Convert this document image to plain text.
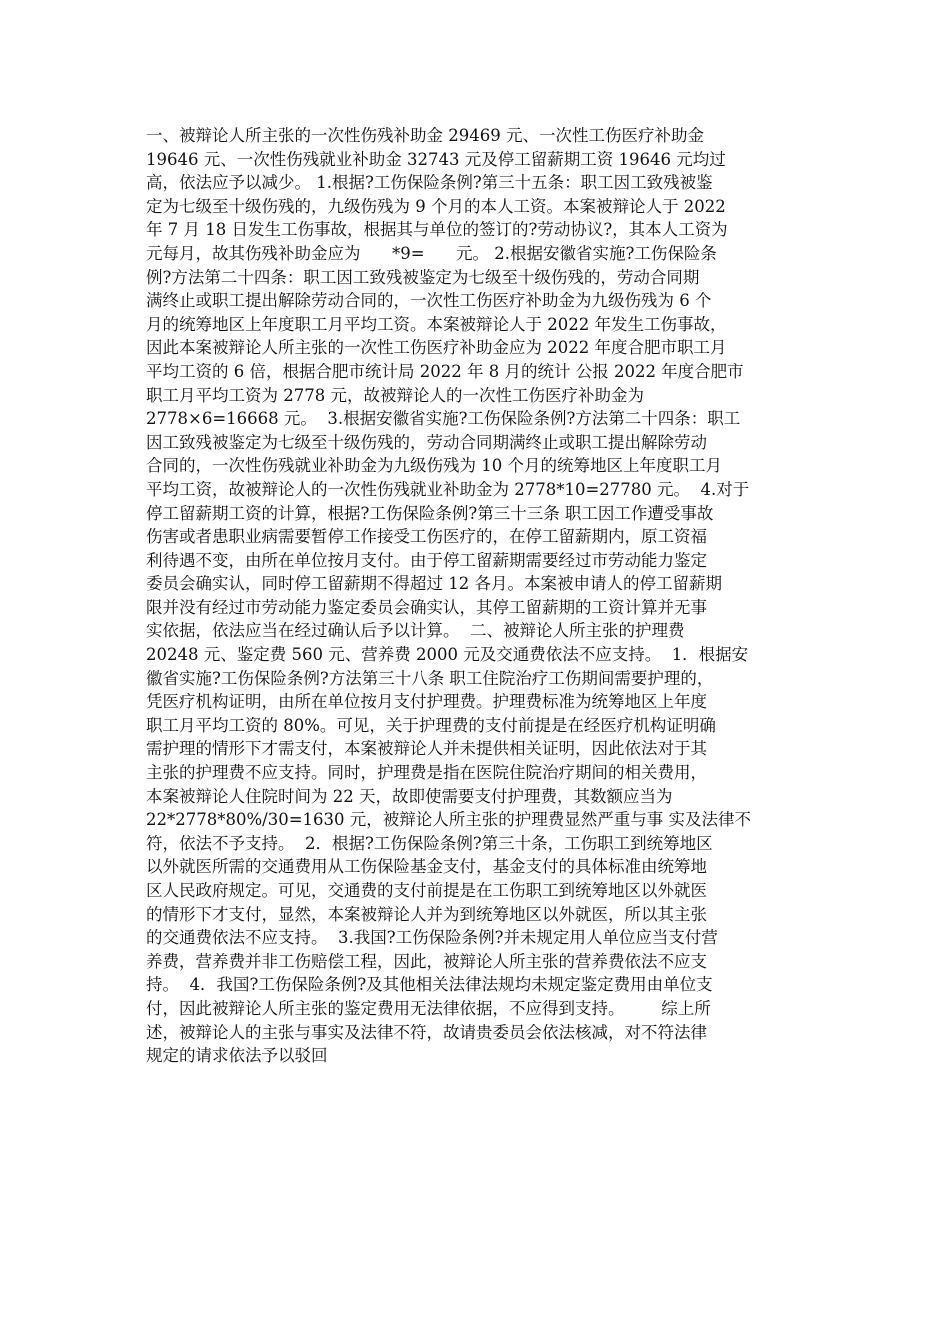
一、被辩论人所主张的一次性伤残补助金 29469 元、一次性工伤医疗补助金
19646 元、一次性伤残就业补助金 32743 元及停工留薪期工资 19646 元均过
高，依法应予以减少。 1.根据?工伤保险条例?第三十五条：职工因工致残被鉴
定为七级至十级伤残的，九级伤残为 9 个月的本人工资。本案被辩论人于 2022
年 7 月 18 日发生工伤事故，根据其与单位的签订的?劳动协议?，其本人工资为
元每月，故其伤残补助金应为      *9=      元。 2.根据安徽省实施?工伤保险条
例?方法第二十四条：职工因工致残被鉴定为七级至十级伤残的，劳动合同期
满终止或职工提出解除劳动合同的，一次性工伤医疗补助金为九级伤残为 6 个
月的统筹地区上年度职工月平均工资。本案被辩论人于 2022 年发生工伤事故，
因此本案被辩论人所主张的一次性工伤医疗补助金应为 2022 年度合肥市职工月
平均工资的 6 倍，根据合肥市统计局 2022 年 8 月的统计 公报 2022 年度合肥市
职工月平均工资为 2778 元，故被辩论人的一次性工伤医疗补助金为
2778×6=16668 元。  3.根据安徽省实施?工伤保险条例?方法第二十四条：职工
因工致残被鉴定为七级至十级伤残的，劳动合同期满终止或职工提出解除劳动
合同的，一次性伤残就业补助金为九级伤残为 10 个月的统筹地区上年度职工月
平均工资，故被辩论人的一次性伤残就业补助金为 2778*10=27780 元。  4.对于
停工留薪期工资的计算，根据?工伤保险条例?第三十三条 职工因工作遭受事故
伤害或者患职业病需要暂停工作接受工伤医疗的，在停工留薪期内，原工资福
利待遇不变，由所在单位按月支付。由于停工留薪期需要经过市劳动能力鉴定
委员会确实认，同时停工留薪期不得超过 12 各月。本案被申请人的停工留薪期
限并没有经过市劳动能力鉴定委员会确实认，其停工留薪期的工资计算并无事
实依据，依法应当在经过确认后予以计算。  二、被辩论人所主张的护理费
20248 元、鉴定费 560 元、营养费 2000 元及交通费依法不应支持。  1．根据安
徽省实施?工伤保险条例?方法第三十八条 职工住院治疗工伤期间需要护理的，
凭医疗机构证明，由所在单位按月支付护理费。护理费标准为统筹地区上年度
职工月平均工资的 80%。可见，关于护理费的支付前提是在经医疗机构证明确
需护理的情形下才需支付，本案被辩论人并未提供相关证明，因此依法对于其
主张的护理费不应支持。同时，护理费是指在医院住院治疗期间的相关费用，
本案被辩论人住院时间为 22 天，故即使需要支付护理费，其数额应当为
22*2778*80%/30=1630 元，被辩论人所主张的护理费显然严重与事 实及法律不
符，依法不予支持。  2．根据?工伤保险条例?第三十条，工伤职工到统筹地区
以外就医所需的交通费用从工伤保险基金支付，基金支付的具体标准由统筹地
区人民政府规定。可见，交通费的支付前提是在工伤职工到统筹地区以外就医
的情形下才支付，显然，本案被辩论人并为到统筹地区以外就医，所以其主张
的交通费依法不应支持。  3.我国?工伤保险条例?并未规定用人单位应当支付营
养费，营养费并非工伤赔偿工程，因此，被辩论人所主张的营养费依法不应支
持。  4．我国?工伤保险条例?及其他相关法律法规均未规定鉴定费用由单位支
付，因此被辩论人所主张的鉴定费用无法律依据，不应得到支持。       综上所
述，被辩论人的主张与事实及法律不符，故请贵委员会依法核减，对不符法律
规定的请求依法予以驳回
